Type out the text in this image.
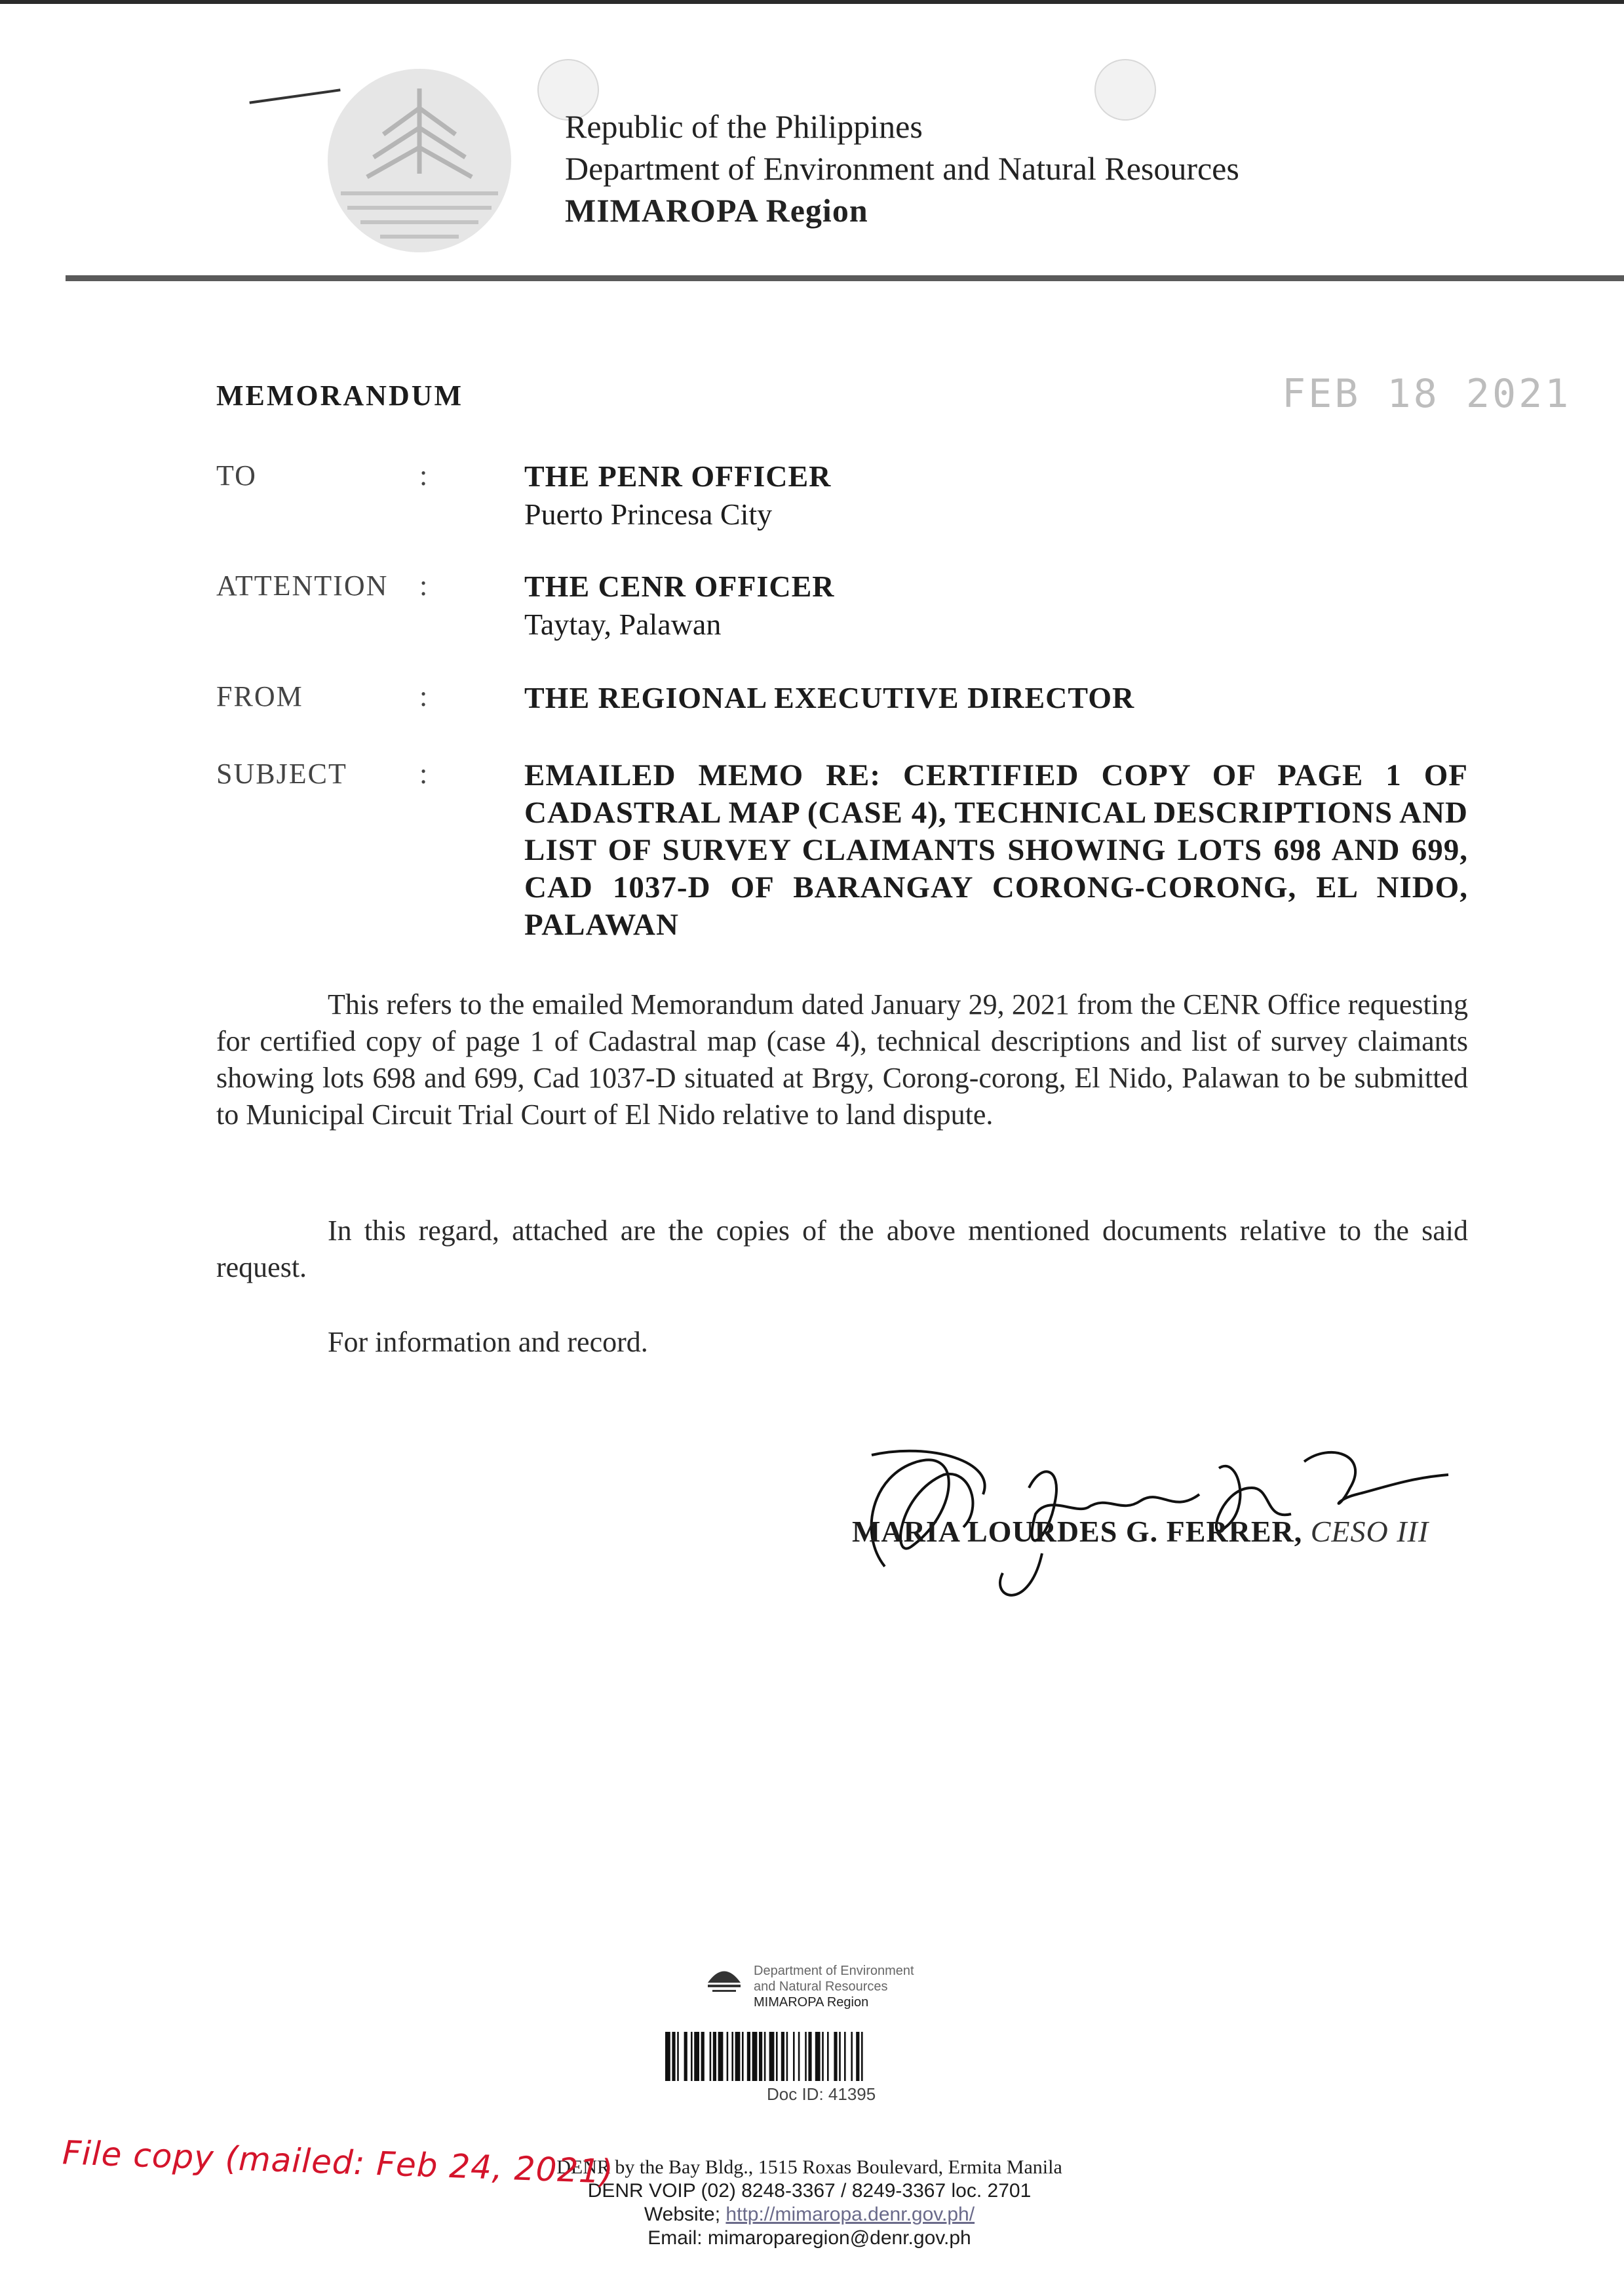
Republic of the Philippines
Department of Environment and Natural Resources
MIMAROPA Region
MEMORANDUM	FEB 18 2021
TO	:	THE PENR OFFICER
Puerto Princesa City
ATTENTION :	THE CENR OFFICER
Taytay, Palawan
FROM	:	THE REGIONAL EXECUTIVE DIRECTOR
SUBJECT	:	EMAILED MEMO RE: CERTIFIED COPY OF PAGE 1 OF CADASTRAL MAP (CASE 4), TECHNICAL DESCRIPTIONS AND LIST OF SURVEY CLAIMANTS SHOWING LOTS 698 AND 699, CAD 1037-D OF BARANGAY CORONG-CORONG, EL NIDO, PALAWAN
This refers to the emailed Memorandum dated January 29, 2021 from the CENR Office requesting for certified copy of page 1 of Cadastral map (case 4), technical descriptions and list of survey claimants showing lots 698 and 699, Cad 1037-D situated at Brgy, Corong-corong, El Nido, Palawan to be submitted to Municipal Circuit Trial Court of El Nido relative to land dispute.
In this regard, attached are the copies of the above mentioned documents relative to the said request.
For information and record.
MARIA LOURDES G. FERRER, CESO III
Department of Environment
and Natural Resources
MIMAROPA Region
Doc ID: 41395
DENR by the Bay Bldg., 1515 Roxas Boulevard, Ermita Manila
DENR VOIP (02) 8248-3367 / 8249-3367 loc. 2701
Website; http://mimaropa.denr.gov.ph/
Email: mimaroparegion@denr.gov.ph
File copy (mailed: Feb 24, 2021)
